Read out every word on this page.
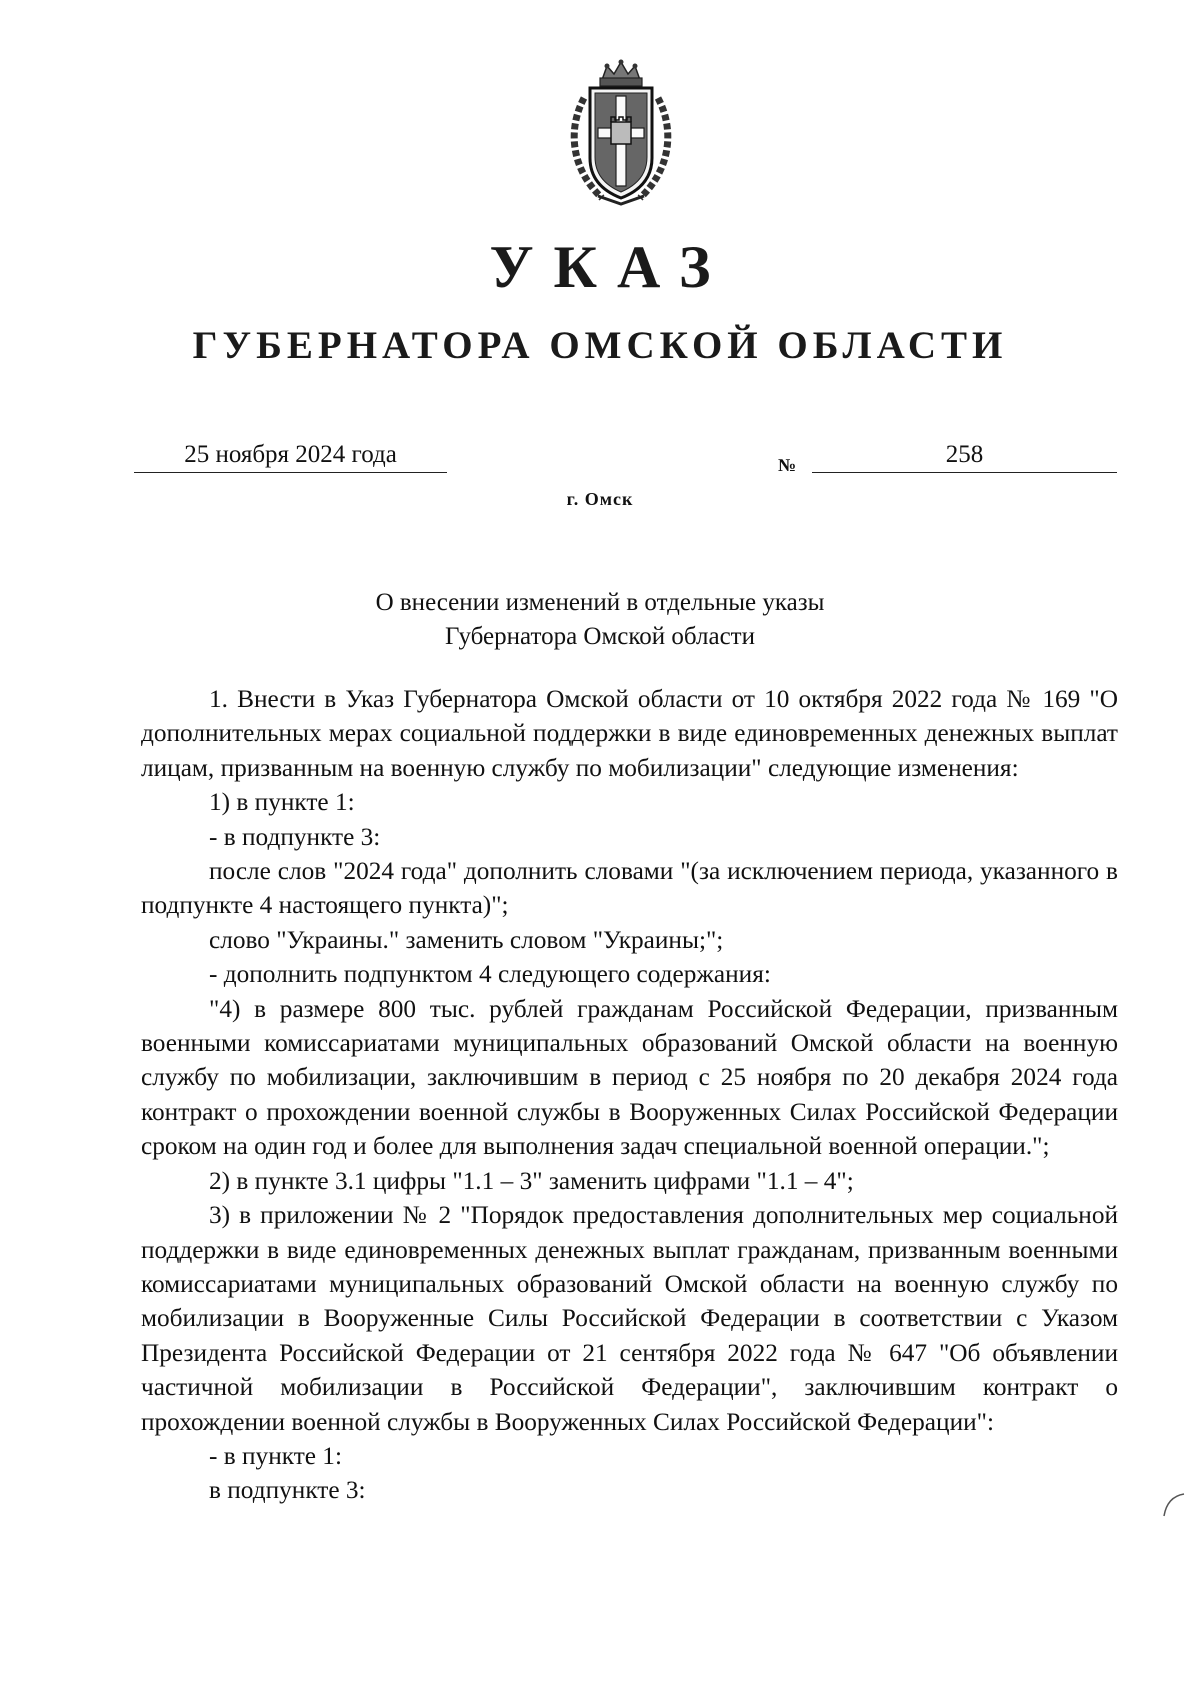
УКАЗ
ГУБЕРНАТОРА ОМСКОЙ ОБЛАСТИ
25 ноября 2024 года	№	258
г. Омск
О внесении изменений в отдельные указы
Губернатора Омской области

1. Внести в Указ Губернатора Омской области от 10 октября 2022 года № 169 "О дополнительных мерах социальной поддержки в виде единовременных денежных выплат лицам, призванным на военную службу по мобилизации" следующие изменения:

1) в пункте 1:

- в подпункте 3:

после слов "2024 года" дополнить словами "(за исключением периода, указанного в подпункте 4 настоящего пункта)";

слово "Украины." заменить словом "Украины;";

- дополнить подпунктом 4 следующего содержания:

"4) в размере 800 тыс. рублей гражданам Российской Федерации, призванным военными комиссариатами муниципальных образований Омской области на военную службу по мобилизации, заключившим в период с 25 ноября по 20 декабря 2024 года контракт о прохождении военной службы в Вооруженных Силах Российской Федерации сроком на один год и более для выполнения задач специальной военной операции.";

2) в пункте 3.1 цифры "1.1 – 3" заменить цифрами "1.1 – 4";

3) в приложении № 2 "Порядок предоставления дополнительных мер социальной поддержки в виде единовременных денежных выплат гражданам, призванным военными комиссариатами муниципальных образований Омской области на военную службу по мобилизации в Вооруженные Силы Российской Федерации в соответствии с Указом Президента Российской Федерации от 21 сентября 2022 года № 647 "Об объявлении частичной мобилизации в Российской Федерации", заключившим контракт о прохождении военной службы в Вооруженных Силах Российской Федерации":

- в пункте 1:

в подпункте 3:
